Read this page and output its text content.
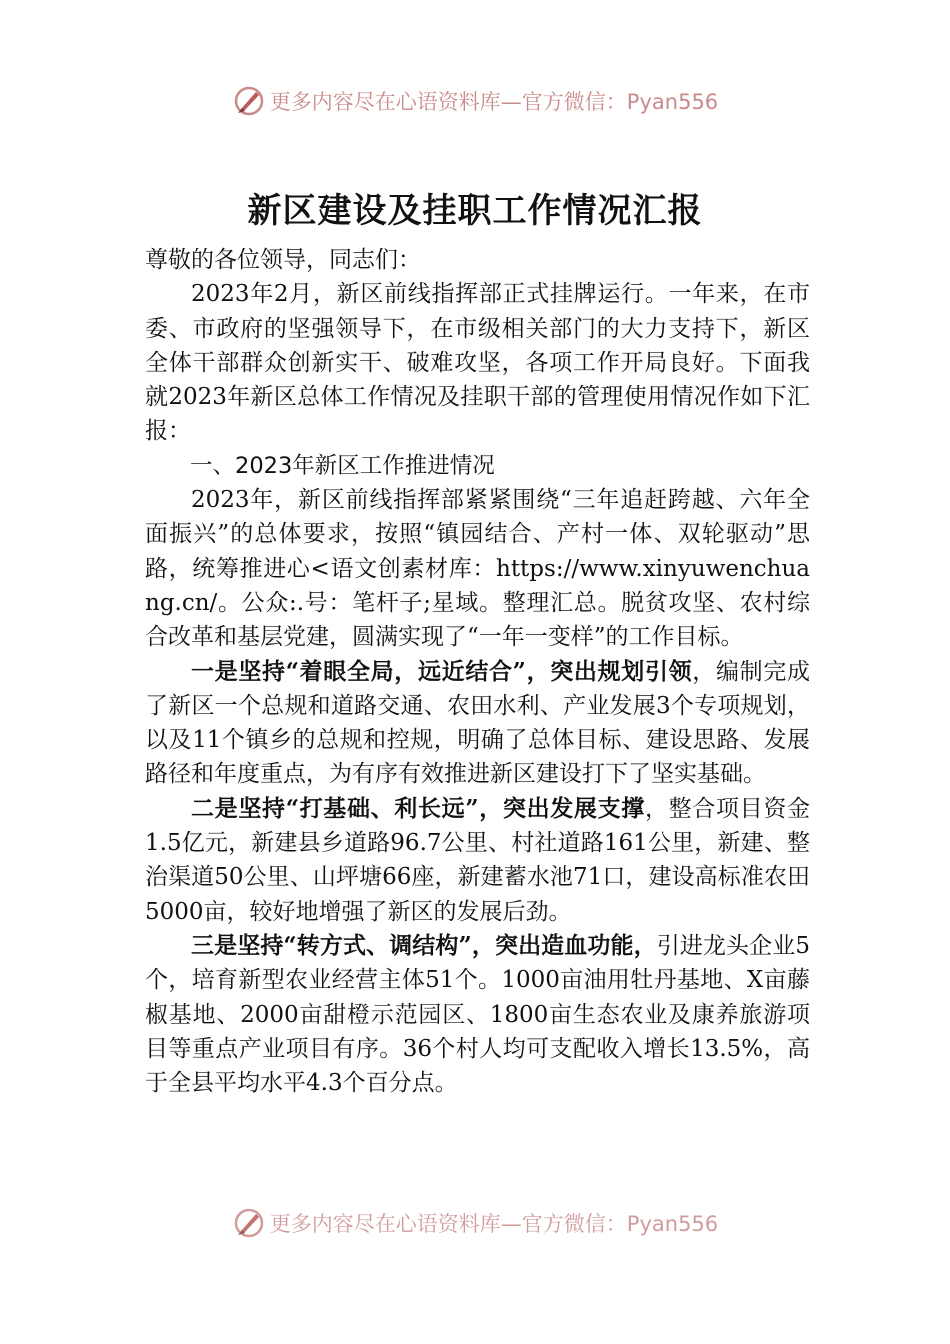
更多内容尽在心语资料库—官方微信：Pyan556
新区建设及挂职工作情况汇报

尊敬的各位领导，同志们：

2023年2月，新区前线指挥部正式挂牌运行。一年来，在市委、市政府的坚强领导下，在市级相关部门的大力支持下，新区全体干部群众创新实干、破难攻坚，各项工作开局良好。下面我就2023年新区总体工作情况及挂职干部的管理使用情况作如下汇报：

一、2023年新区工作推进情况

2023年，新区前线指挥部紧紧围绕“三年追赶跨越、六年全面振兴”的总体要求，按照“镇园结合、产村一体、双轮驱动”思路，统筹推进心<语文创素材库：https://www.xinyuwenchuang.cn/。公众:.号：笔杆子;星域。整理汇总。脱贫攻坚、农村综合改革和基层党建，圆满实现了“一年一变样”的工作目标。

一是坚持“着眼全局，远近结合”，突出规划引领，编制完成了新区一个总规和道路交通、农田水利、产业发展3个专项规划，以及11个镇乡的总规和控规，明确了总体目标、建设思路、发展路径和年度重点，为有序有效推进新区建设打下了坚实基础。

二是坚持“打基础、利长远”，突出发展支撑，整合项目资金1.5亿元，新建县乡道路96.7公里、村社道路161公里，新建、整治渠道50公里、山坪塘66座，新建蓄水池71口，建设高标准农田5000亩，较好地增强了新区的发展后劲。

三是坚持“转方式、调结构”，突出造血功能，引进龙头企业5个，培育新型农业经营主体51个。1000亩油用牡丹基地、X亩藤椒基地、2000亩甜橙示范园区、1800亩生态农业及康养旅游项目等重点产业项目有序。36个村人均可支配收入增长13.5%，高于全县平均水平4.3个百分点。

更多内容尽在心语资料库—官方微信：Pyan556
